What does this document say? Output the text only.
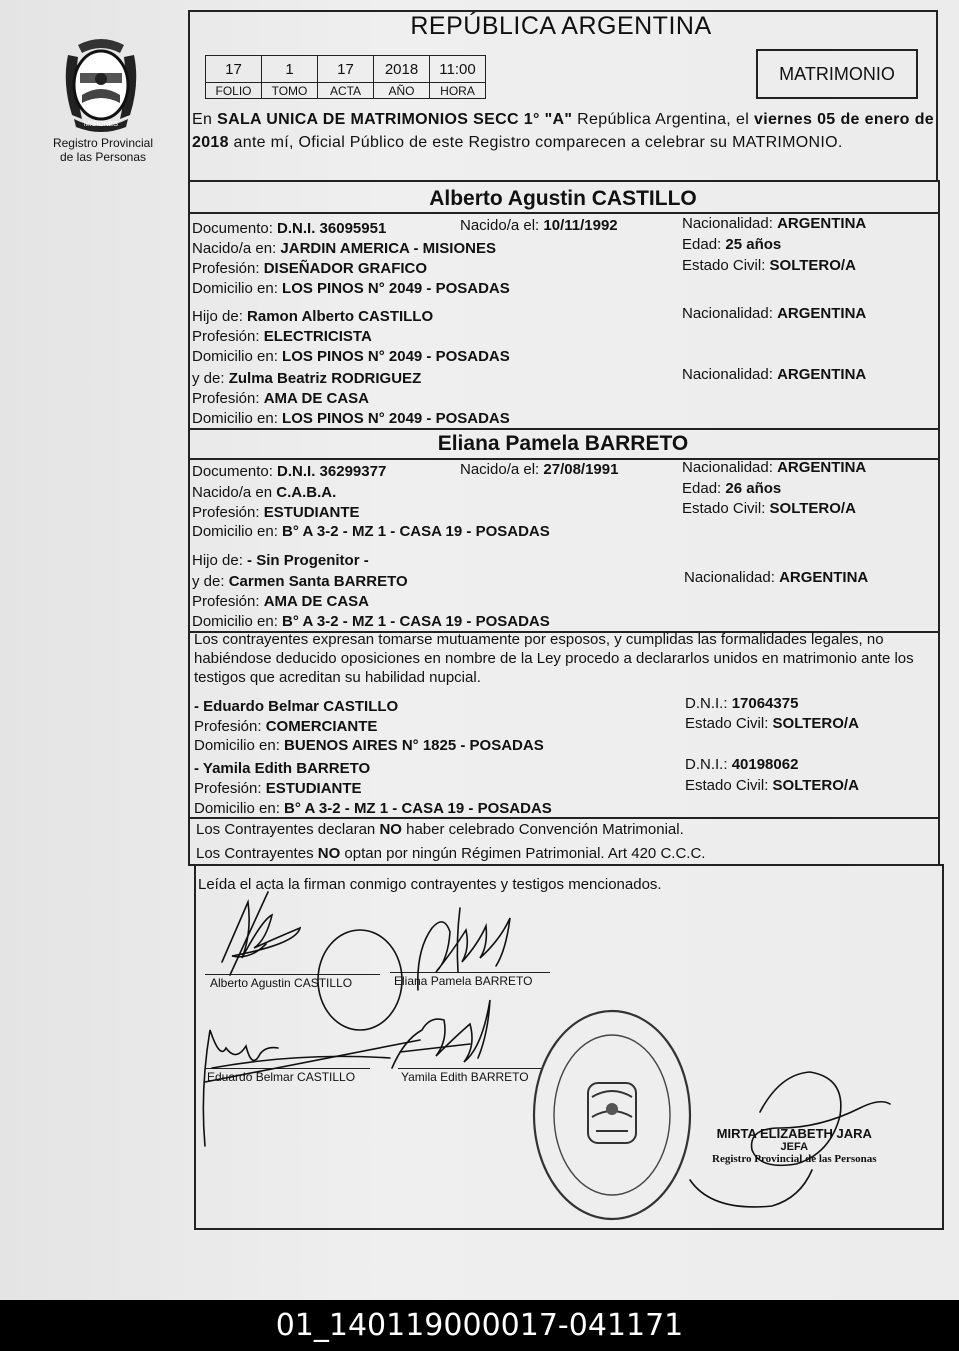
MISIONES
Registro Provincial
de las Personas
REPÚBLICA ARGENTINA
17	1	17	2018	11:00
FOLIO	TOMO	ACTA	AÑO	HORA
MATRIMONIO
En SALA UNICA DE MATRIMONIOS SECC 1° "A" República Argentina, el viernes 05 de enero de 2018 ante mí, Oficial Público de este Registro comparecen a celebrar su MATRIMONIO.
Alberto Agustin CASTILLO
Documento: D.N.I. 36095951	Nacido/a el: 10/11/1992	Nacionalidad: ARGENTINA
Nacido/a en: JARDIN AMERICA - MISIONES	Edad: 25 años
Profesión: DISEÑADOR GRAFICO	Estado Civil: SOLTERO/A
Domicilio en: LOS PINOS N° 2049 - POSADAS
Hijo de: Ramon Alberto CASTILLO	Nacionalidad: ARGENTINA
Profesión: ELECTRICISTA
Domicilio en: LOS PINOS N° 2049 - POSADAS
y de: Zulma Beatriz RODRIGUEZ	Nacionalidad: ARGENTINA
Profesión: AMA DE CASA
Domicilio en: LOS PINOS N° 2049 - POSADAS
Eliana Pamela BARRETO
Documento: D.N.I. 36299377	Nacido/a el: 27/08/1991	Nacionalidad: ARGENTINA
Nacido/a en C.A.B.A.	Edad: 26 años
Profesión: ESTUDIANTE	Estado Civil: SOLTERO/A
Domicilio en: B° A 3-2 - MZ 1 - CASA 19 - POSADAS
Hijo de: - Sin Progenitor -
y de: Carmen Santa BARRETO	Nacionalidad: ARGENTINA
Profesión: AMA DE CASA
Domicilio en: B° A 3-2 - MZ 1 - CASA 19 - POSADAS
Los contrayentes expresan tomarse mutuamente por esposos, y cumplidas las formalidades legales, no habiéndose deducido oposiciones en nombre de la Ley procedo a declararlos unidos en matrimonio ante los testigos que acreditan su habilidad nupcial.
- Eduardo Belmar CASTILLO	D.N.I.: 17064375
Profesión: COMERCIANTE	Estado Civil: SOLTERO/A
Domicilio en: BUENOS AIRES N° 1825 - POSADAS
- Yamila Edith BARRETO	D.N.I.: 40198062
Profesión: ESTUDIANTE	Estado Civil: SOLTERO/A
Domicilio en: B° A 3-2 - MZ 1 - CASA 19 - POSADAS
Los Contrayentes declaran NO haber celebrado Convención Matrimonial.
Los Contrayentes NO optan por ningún Régimen Patrimonial. Art 420 C.C.C.
Leída el acta la firman conmigo contrayentes y testigos mencionados.
Alberto Agustin CASTILLO	Eliana Pamela BARRETO
Eduardo Belmar CASTILLO	Yamila Edith BARRETO
MIRTA ELIZABETH JARA
JEFA
Registro Provincial de las Personas
01_140119000017-041171
